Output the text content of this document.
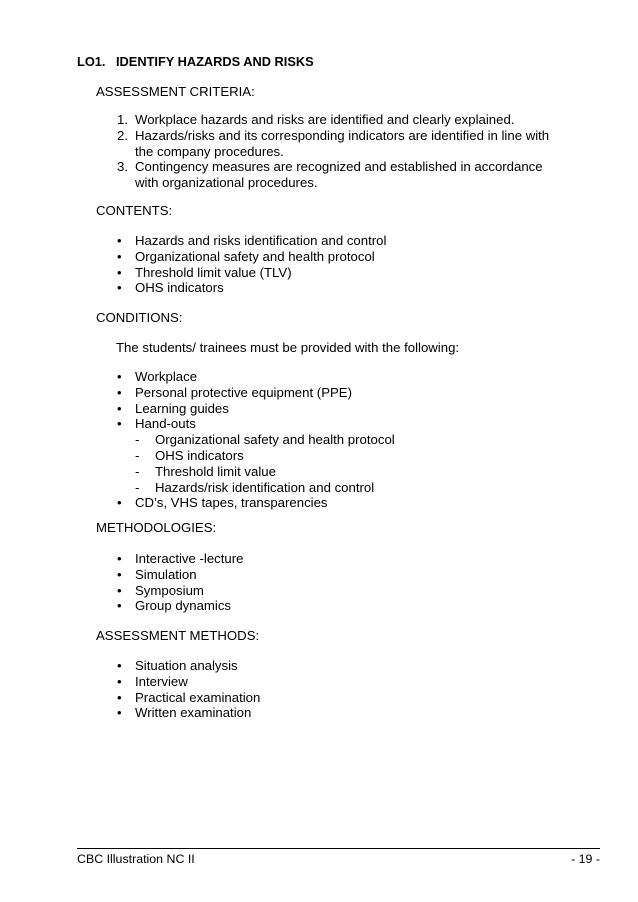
LO1. IDENTIFY HAZARDS AND RISKS

ASSESSMENT CRITERIA:

1. Workplace hazards and risks are identified and clearly explained.
2. Hazards/risks and its corresponding indicators are identified in line with the company procedures.
3. Contingency measures are recognized and established in accordance with organizational procedures.

CONTENTS:

• Hazards and risks identification and control
• Organizational safety and health protocol
• Threshold limit value (TLV)
• OHS indicators

CONDITIONS:

The students/ trainees must be provided with the following:

• Workplace
• Personal protective equipment (PPE)
• Learning guides
• Hand-outs
- Organizational safety and health protocol
- OHS indicators
- Threshold limit value
- Hazards/risk identification and control
• CD’s, VHS tapes, transparencies

METHODOLOGIES:

• Interactive -lecture
• Simulation
• Symposium
• Group dynamics

ASSESSMENT METHODS:

• Situation analysis
• Interview
• Practical examination
• Written examination
CBC Illustration NC II	- 19 -
